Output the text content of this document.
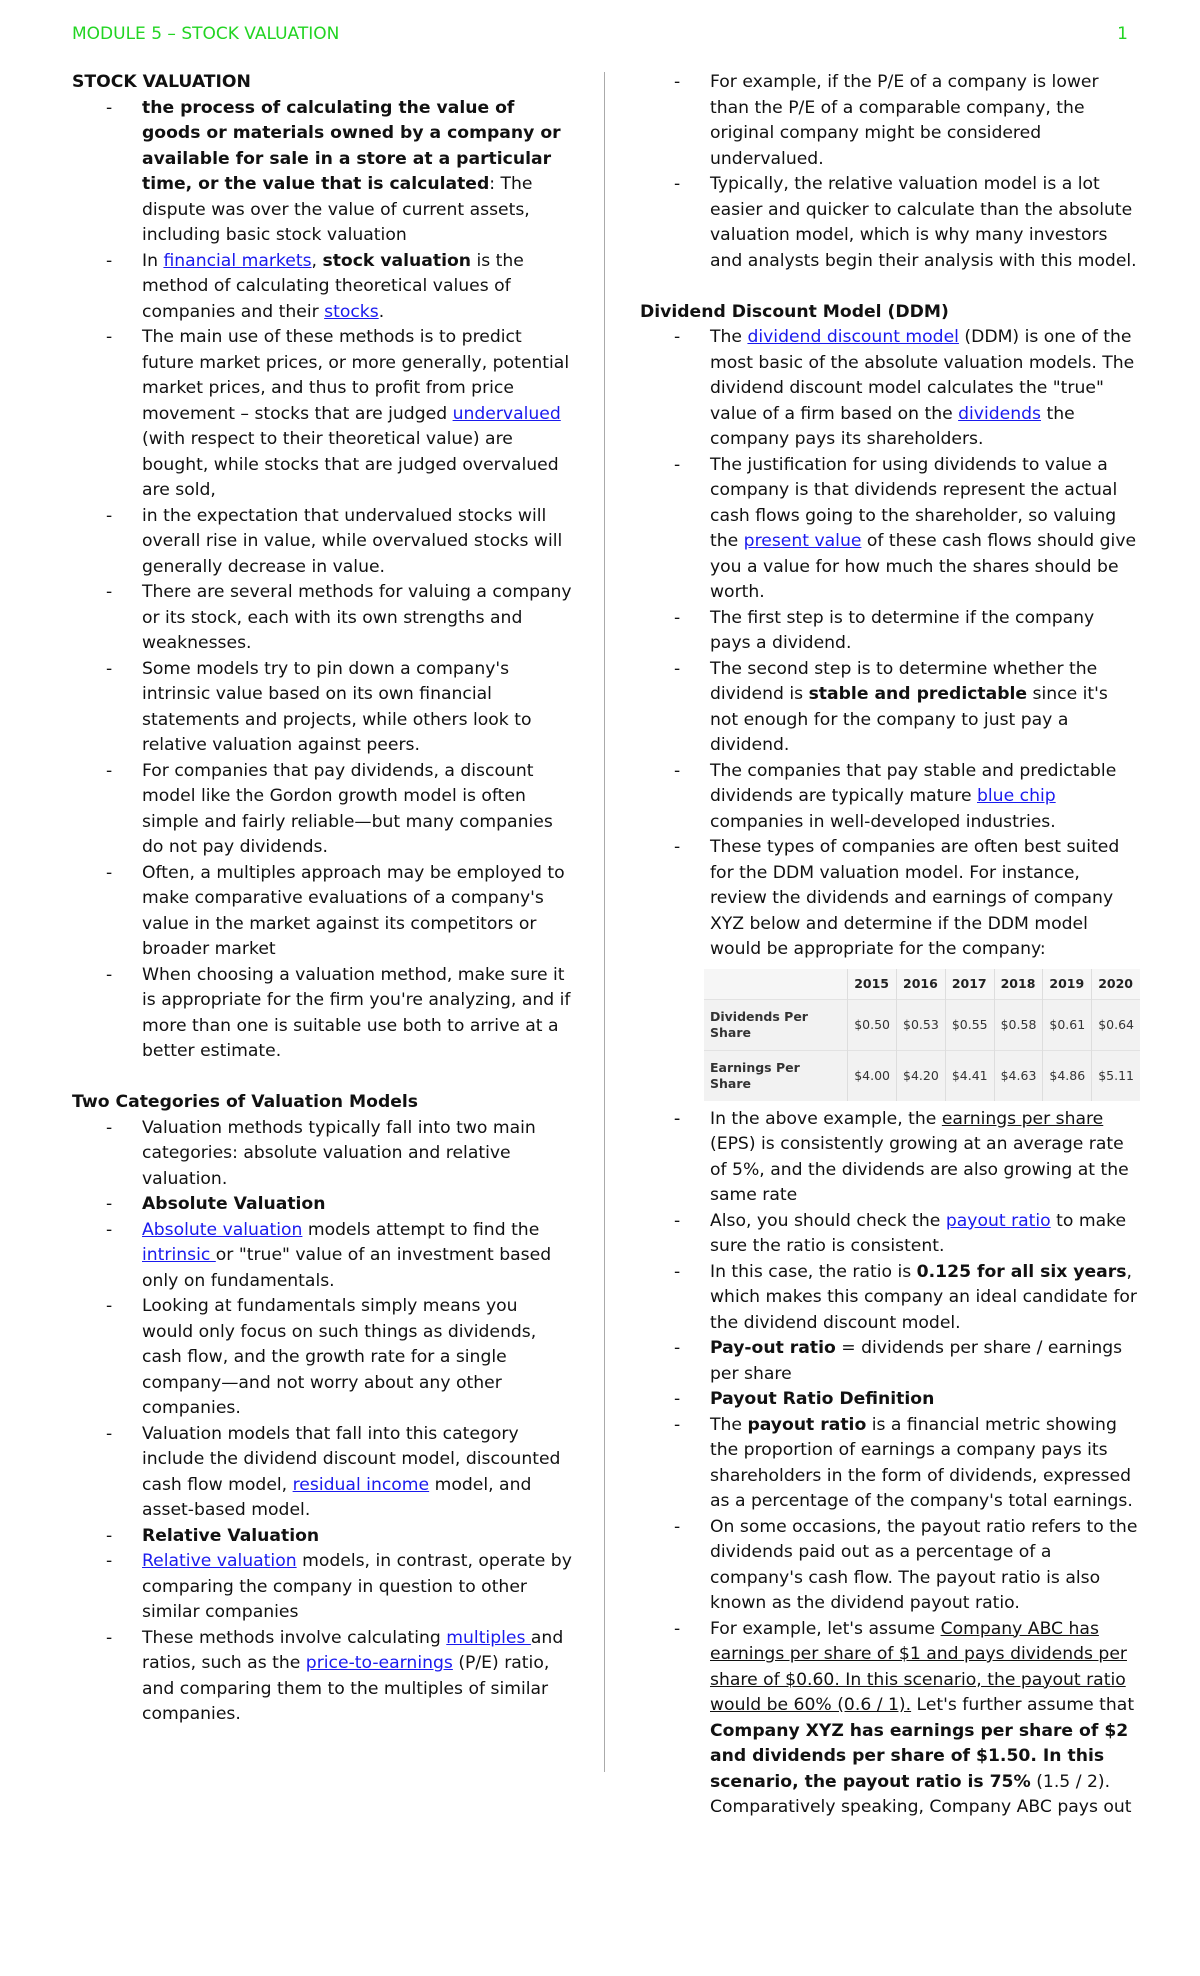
MODULE 5 – STOCK VALUATION	1

STOCK VALUATION

- the process of calculating the value of goods or materials owned by a company or available for sale in a store at a particular time, or the value that is calculated: The dispute was over the value of current assets, including basic stock valuation
- In financial markets, stock valuation is the method of calculating theoretical values of companies and their stocks.
- The main use of these methods is to predict future market prices, or more generally, potential market prices, and thus to profit from price movement – stocks that are judged undervalued (with respect to their theoretical value) are bought, while stocks that are judged overvalued are sold,
- in the expectation that undervalued stocks will overall rise in value, while overvalued stocks will generally decrease in value.
- There are several methods for valuing a company or its stock, each with its own strengths and weaknesses.
- Some models try to pin down a company's intrinsic value based on its own financial statements and projects, while others look to relative valuation against peers.
- For companies that pay dividends, a discount model like the Gordon growth model is often simple and fairly reliable—but many companies do not pay dividends.
- Often, a multiples approach may be employed to make comparative evaluations of a company's value in the market against its competitors or broader market
- When choosing a valuation method, make sure it is appropriate for the firm you're analyzing, and if more than one is suitable use both to arrive at a better estimate.

Two Categories of Valuation Models

- Valuation methods typically fall into two main categories: absolute valuation and relative valuation.
- Absolute Valuation
- Absolute valuation models attempt to find the intrinsic or "true" value of an investment based only on fundamentals.
- Looking at fundamentals simply means you would only focus on such things as dividends, cash flow, and the growth rate for a single company—and not worry about any other companies.
- Valuation models that fall into this category include the dividend discount model, discounted cash flow model, residual income model, and asset-based model.
- Relative Valuation
- Relative valuation models, in contrast, operate by comparing the company in question to other similar companies
- These methods involve calculating multiples and ratios, such as the price-to-earnings (P/E) ratio, and comparing them to the multiples of similar companies.
- For example, if the P/E of a company is lower than the P/E of a comparable company, the original company might be considered undervalued.
- Typically, the relative valuation model is a lot easier and quicker to calculate than the absolute valuation model, which is why many investors and analysts begin their analysis with this model.

Dividend Discount Model (DDM)

- The dividend discount model (DDM) is one of the most basic of the absolute valuation models. The dividend discount model calculates the "true" value of a firm based on the dividends the company pays its shareholders.
- The justification for using dividends to value a company is that dividends represent the actual cash flows going to the shareholder, so valuing the present value of these cash flows should give you a value for how much the shares should be worth.
- The first step is to determine if the company pays a dividend.
- The second step is to determine whether the dividend is stable and predictable since it's not enough for the company to just pay a dividend.
- The companies that pay stable and predictable dividends are typically mature blue chip companies in well-developed industries.
- These types of companies are often best suited for the DDM valuation model. For instance, review the dividends and earnings of company XYZ below and determine if the DDM model would be appropriate for the company:
	2015	2016	2017	2018	2019	2020
Dividends Per Share	$0.50	$0.53	$0.55	$0.58	$0.61	$0.64
Earnings Per Share	$4.00	$4.20	$4.41	$4.63	$4.86	$5.11
- In the above example, the earnings per share (EPS) is consistently growing at an average rate of 5%, and the dividends are also growing at the same rate
- Also, you should check the payout ratio to make sure the ratio is consistent.
- In this case, the ratio is 0.125 for all six years, which makes this company an ideal candidate for the dividend discount model.
- Pay-out ratio = dividends per share / earnings per share
- Payout Ratio Definition
- The payout ratio is a financial metric showing the proportion of earnings a company pays its shareholders in the form of dividends, expressed as a percentage of the company's total earnings.
- On some occasions, the payout ratio refers to the dividends paid out as a percentage of a company's cash flow. The payout ratio is also known as the dividend payout ratio.
- For example, let's assume Company ABC has earnings per share of $1 and pays dividends per share of $0.60. In this scenario, the payout ratio would be 60% (0.6 / 1). Let's further assume that Company XYZ has earnings per share of $2 and dividends per share of $1.50. In this scenario, the payout ratio is 75% (1.5 / 2). Comparatively speaking, Company ABC pays out
